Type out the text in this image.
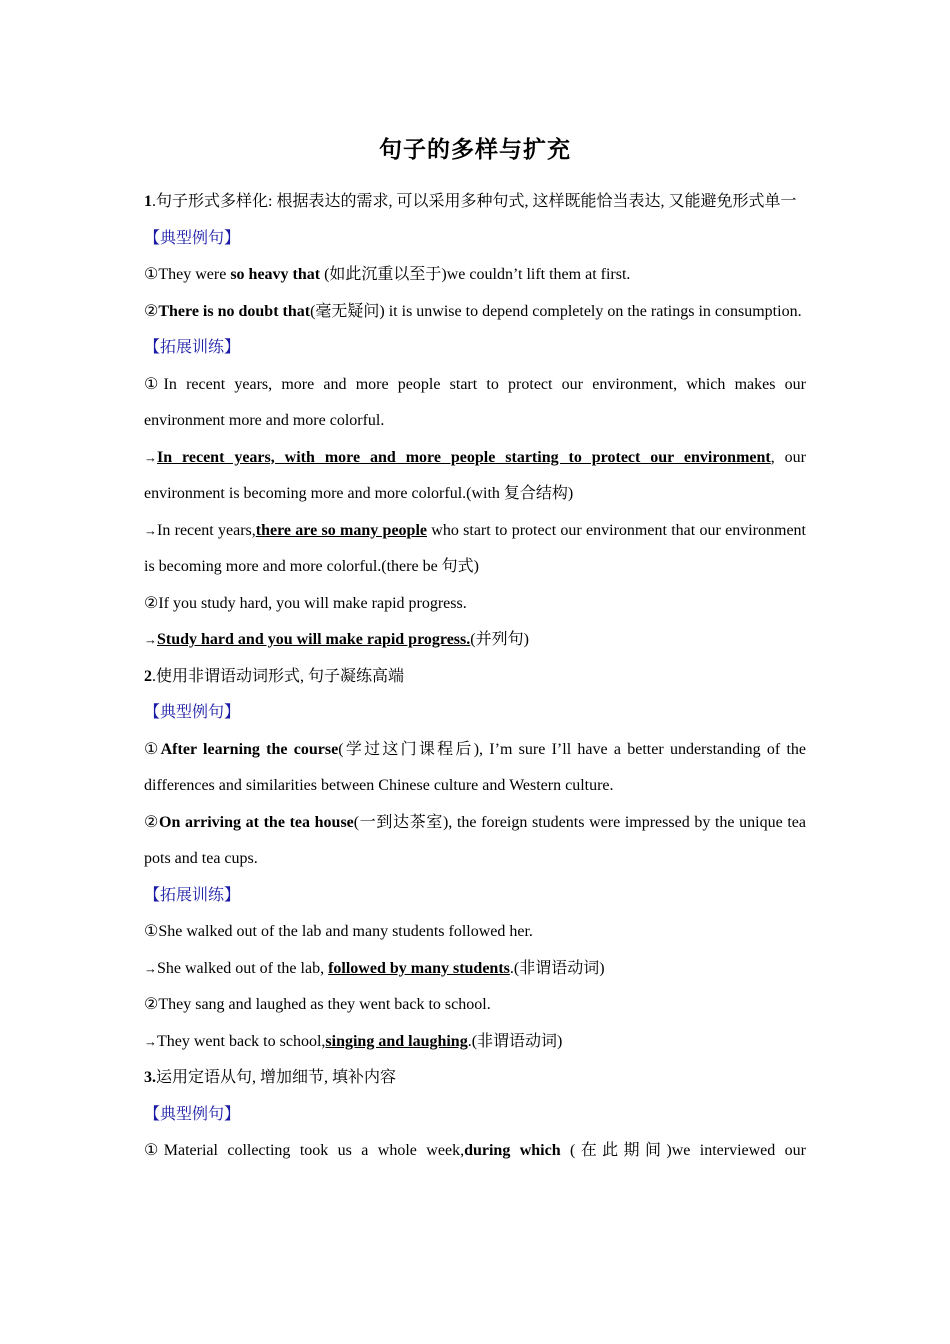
句子的多样与扩充

1.句子形式多样化: 根据表达的需求, 可以采用多种句式, 这样既能恰当表达, 又能避免形式单一

【典型例句】

①They were so heavy that (如此沉重以至于)we couldn’t lift them at first.

②There is no doubt that(毫无疑问) it is unwise to depend completely on the ratings in consumption.

【拓展训练】

①In recent years, more and more people start to protect our environment, which makes our environment more and more colorful.

→In recent years, with more and more people starting to protect our environment, our environment is becoming more and more colorful.(with 复合结构)

→In recent years,there are so many people who start to protect our environment that our environment is becoming more and more colorful.(there be 句式)

②If you study hard, you will make rapid progress.

→Study hard and you will make rapid progress.(并列句)

2.使用非谓语动词形式, 句子凝练高端

【典型例句】

①After learning the course(学过这门课程后), I’m sure I’ll have a better understanding of the differences and similarities between Chinese culture and Western culture.

②On arriving at the tea house(一到达茶室), the foreign students were impressed by the unique tea pots and tea cups.

【拓展训练】

①She walked out of the lab and many students followed her.

→She walked out of the lab, followed by many students.(非谓语动词)

②They sang and laughed as they went back to school.

→They went back to school,singing and laughing.(非谓语动词)

3.运用定语从句, 增加细节, 填补内容

【典型例句】

①Material collecting took us a whole week,during which (在此期间)we interviewed our
